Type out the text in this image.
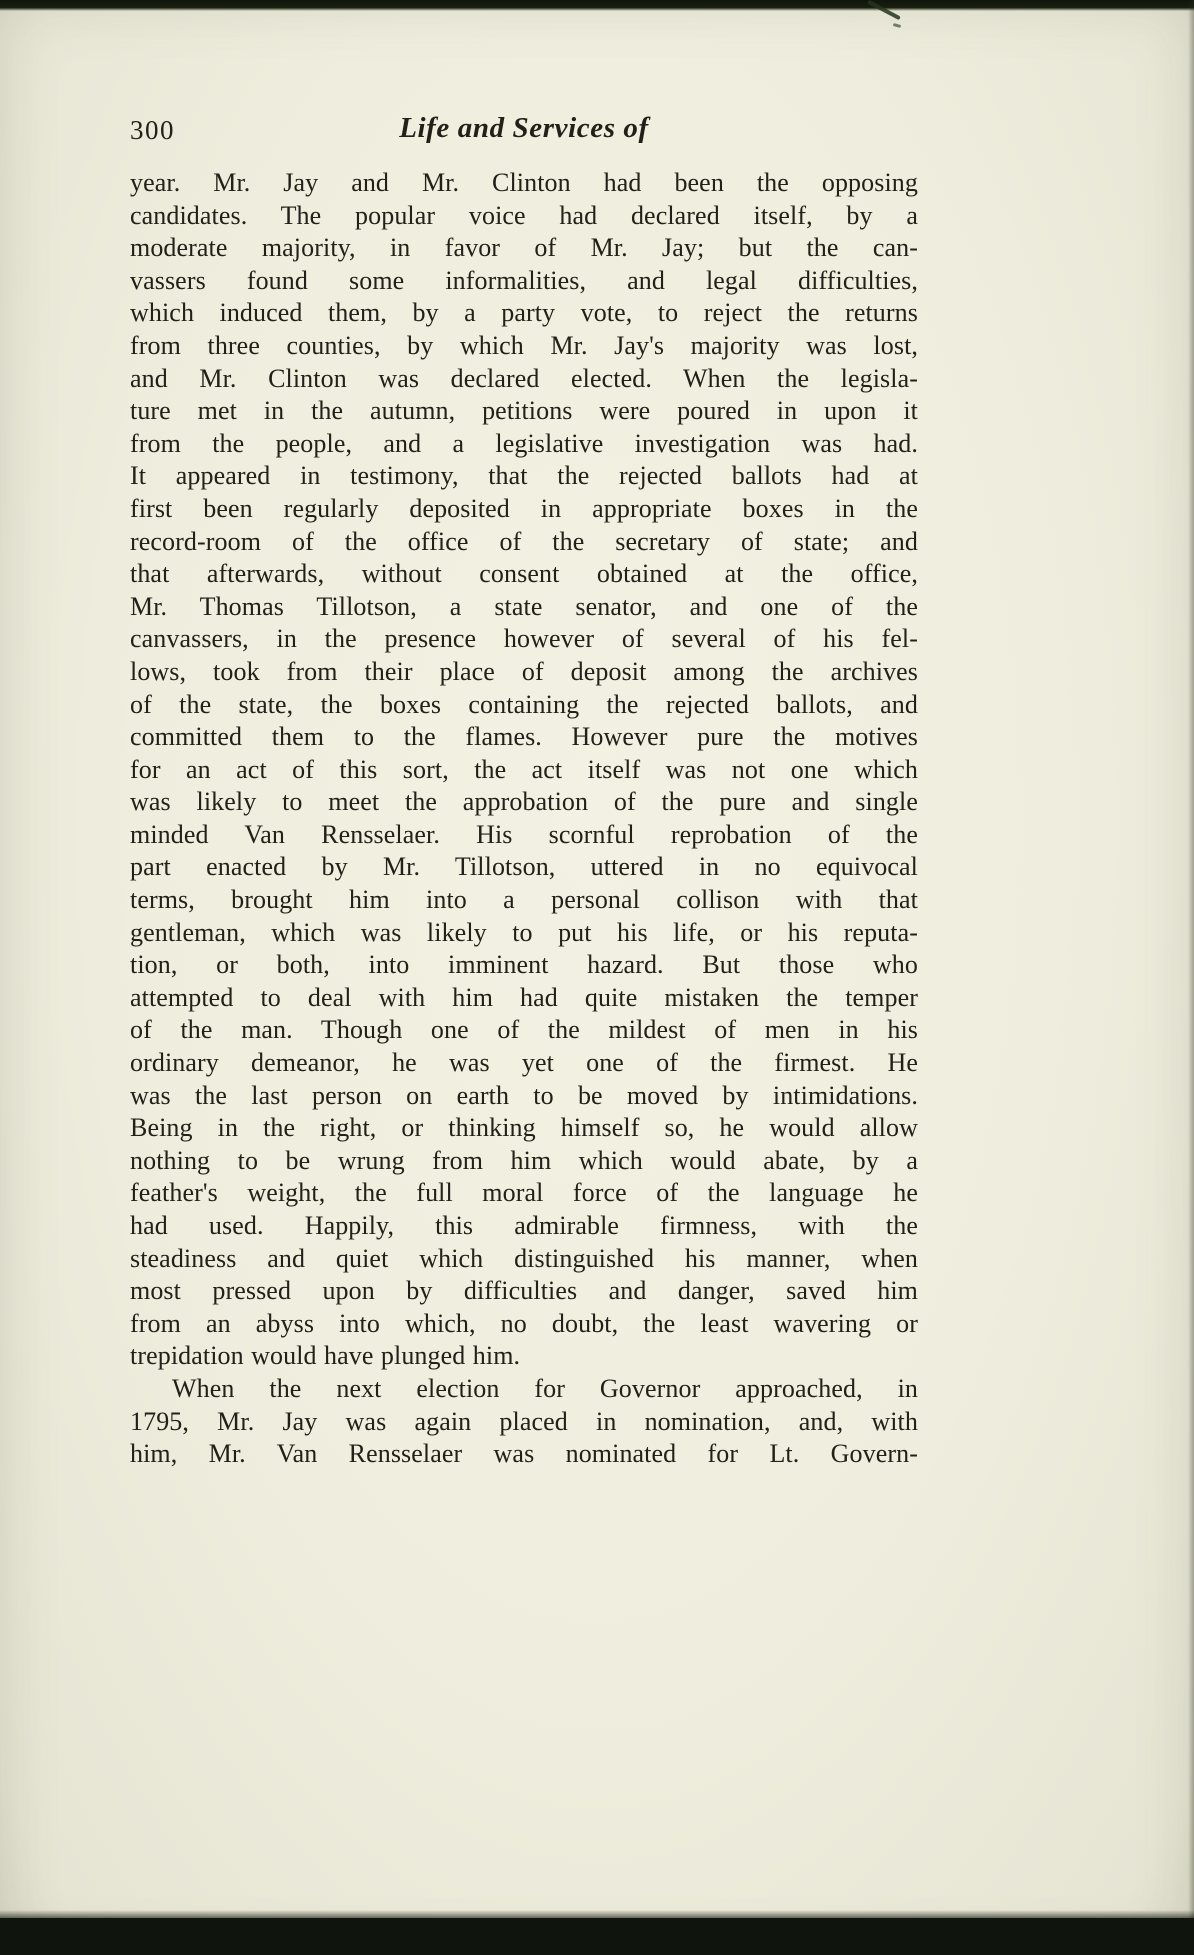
300	Life and Services of
year. Mr. Jay and Mr. Clinton had been the opposing
candidates. The popular voice had declared itself, by a
moderate majority, in favor of Mr. Jay; but the can-
vassers found some informalities, and legal difficulties,
which induced them, by a party vote, to reject the returns
from three counties, by which Mr. Jay's majority was lost,
and Mr. Clinton was declared elected. When the legisla-
ture met in the autumn, petitions were poured in upon it
from the people, and a legislative investigation was had.
It appeared in testimony, that the rejected ballots had at
first been regularly deposited in appropriate boxes in the
record-room of the office of the secretary of state; and
that afterwards, without consent obtained at the office,
Mr. Thomas Tillotson, a state senator, and one of the
canvassers, in the presence however of several of his fel-
lows, took from their place of deposit among the archives
of the state, the boxes containing the rejected ballots, and
committed them to the flames. However pure the motives
for an act of this sort, the act itself was not one which
was likely to meet the approbation of the pure and single
minded Van Rensselaer. His scornful reprobation of the
part enacted by Mr. Tillotson, uttered in no equivocal
terms, brought him into a personal collison with that
gentleman, which was likely to put his life, or his reputa-
tion, or both, into imminent hazard. But those who
attempted to deal with him had quite mistaken the temper
of the man. Though one of the mildest of men in his
ordinary demeanor, he was yet one of the firmest. He
was the last person on earth to be moved by intimidations.
Being in the right, or thinking himself so, he would allow
nothing to be wrung from him which would abate, by a
feather's weight, the full moral force of the language he
had used. Happily, this admirable firmness, with the
steadiness and quiet which distinguished his manner, when
most pressed upon by difficulties and danger, saved him
from an abyss into which, no doubt, the least wavering or
trepidation would have plunged him.
When the next election for Governor approached, in
1795, Mr. Jay was again placed in nomination, and, with
him, Mr. Van Rensselaer was nominated for Lt. Govern-
